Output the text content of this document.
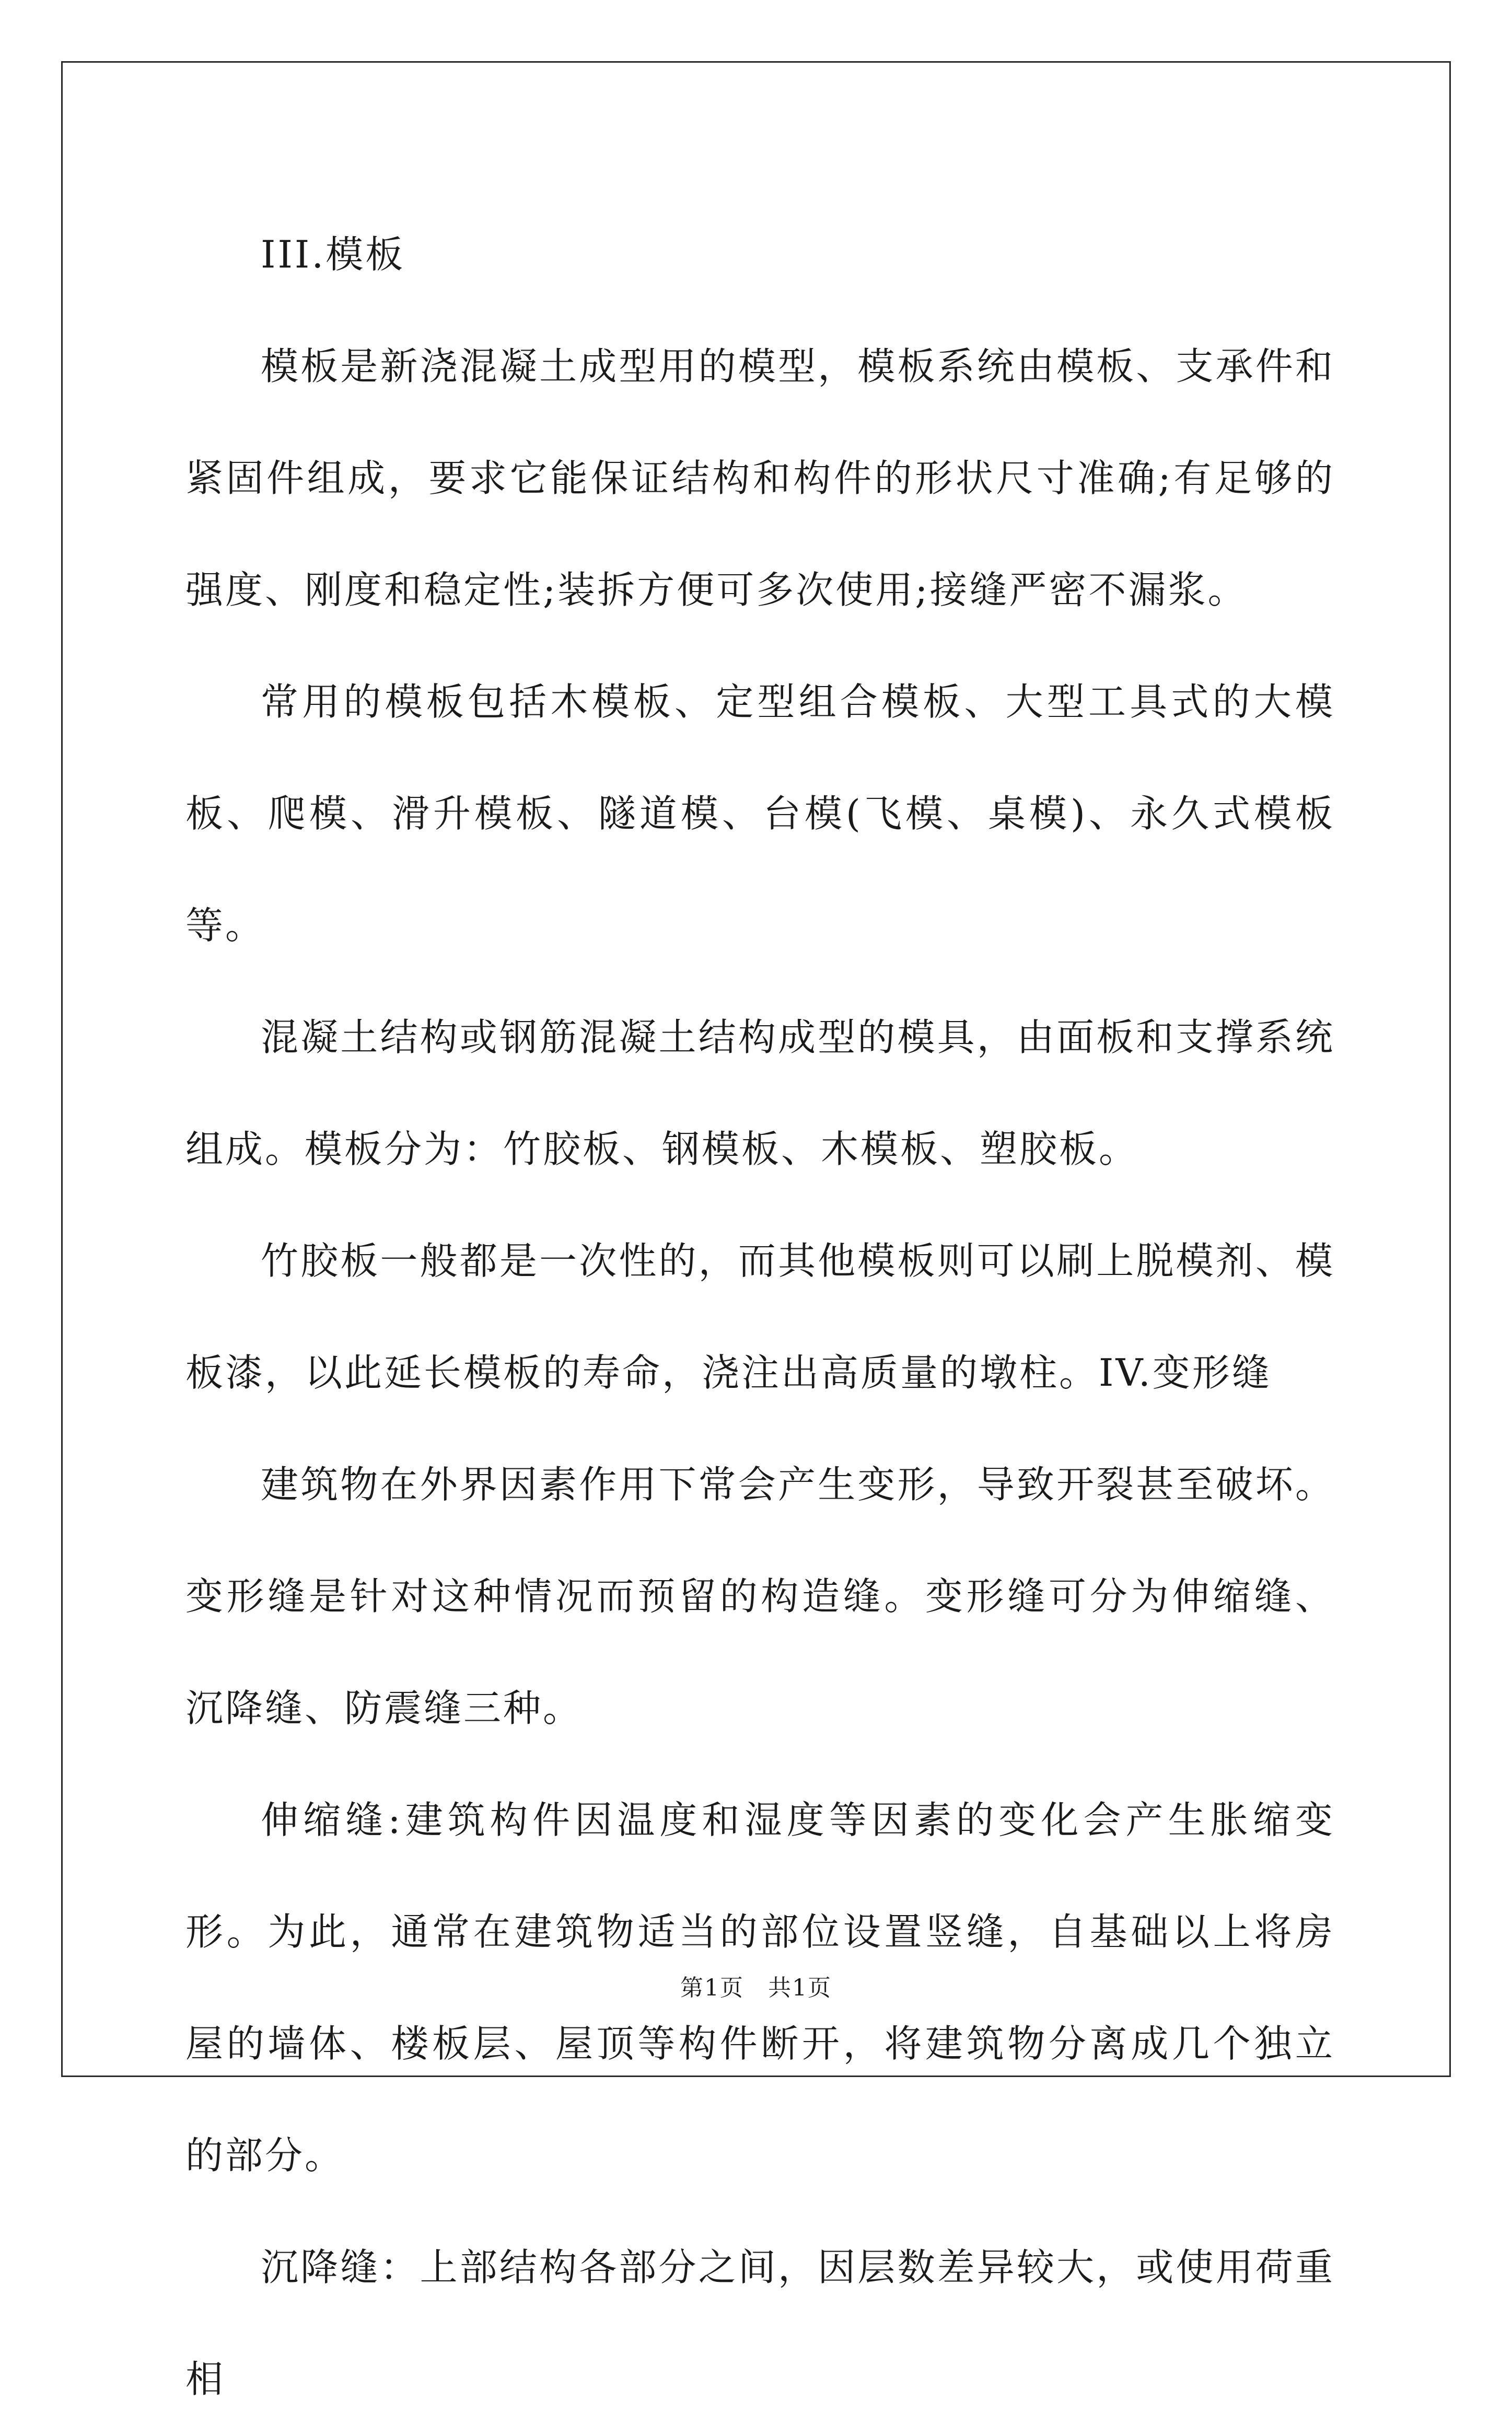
III.模板

模板是新浇混凝土成型用的模型，模板系统由模板、支承件和紧固件组成，要求它能保证结构和构件的形状尺寸准确;有足够的强度、刚度和稳定性;装拆方便可多次使用;接缝严密不漏浆。

常用的模板包括木模板、定型组合模板、大型工具式的大模板、爬模、滑升模板、隧道模、台模(飞模、桌模)、永久式模板等。

混凝土结构或钢筋混凝土结构成型的模具，由面板和支撑系统组成。模板分为：竹胶板、钢模板、木模板、塑胶板。

竹胶板一般都是一次性的，而其他模板则可以刷上脱模剂、模板漆，以此延长模板的寿命，浇注出高质量的墩柱。IV.变形缝

建筑物在外界因素作用下常会产生变形，导致开裂甚至破坏。变形缝是针对这种情况而预留的构造缝。变形缝可分为伸缩缝、沉降缝、防震缝三种。

伸缩缝:建筑构件因温度和湿度等因素的变化会产生胀缩变形。为此，通常在建筑物适当的部位设置竖缝，自基础以上将房屋的墙体、楼板层、屋顶等构件断开，将建筑物分离成几个独立的部分。

沉降缝：上部结构各部分之间，因层数差异较大，或使用荷重相

第1页　共1页
